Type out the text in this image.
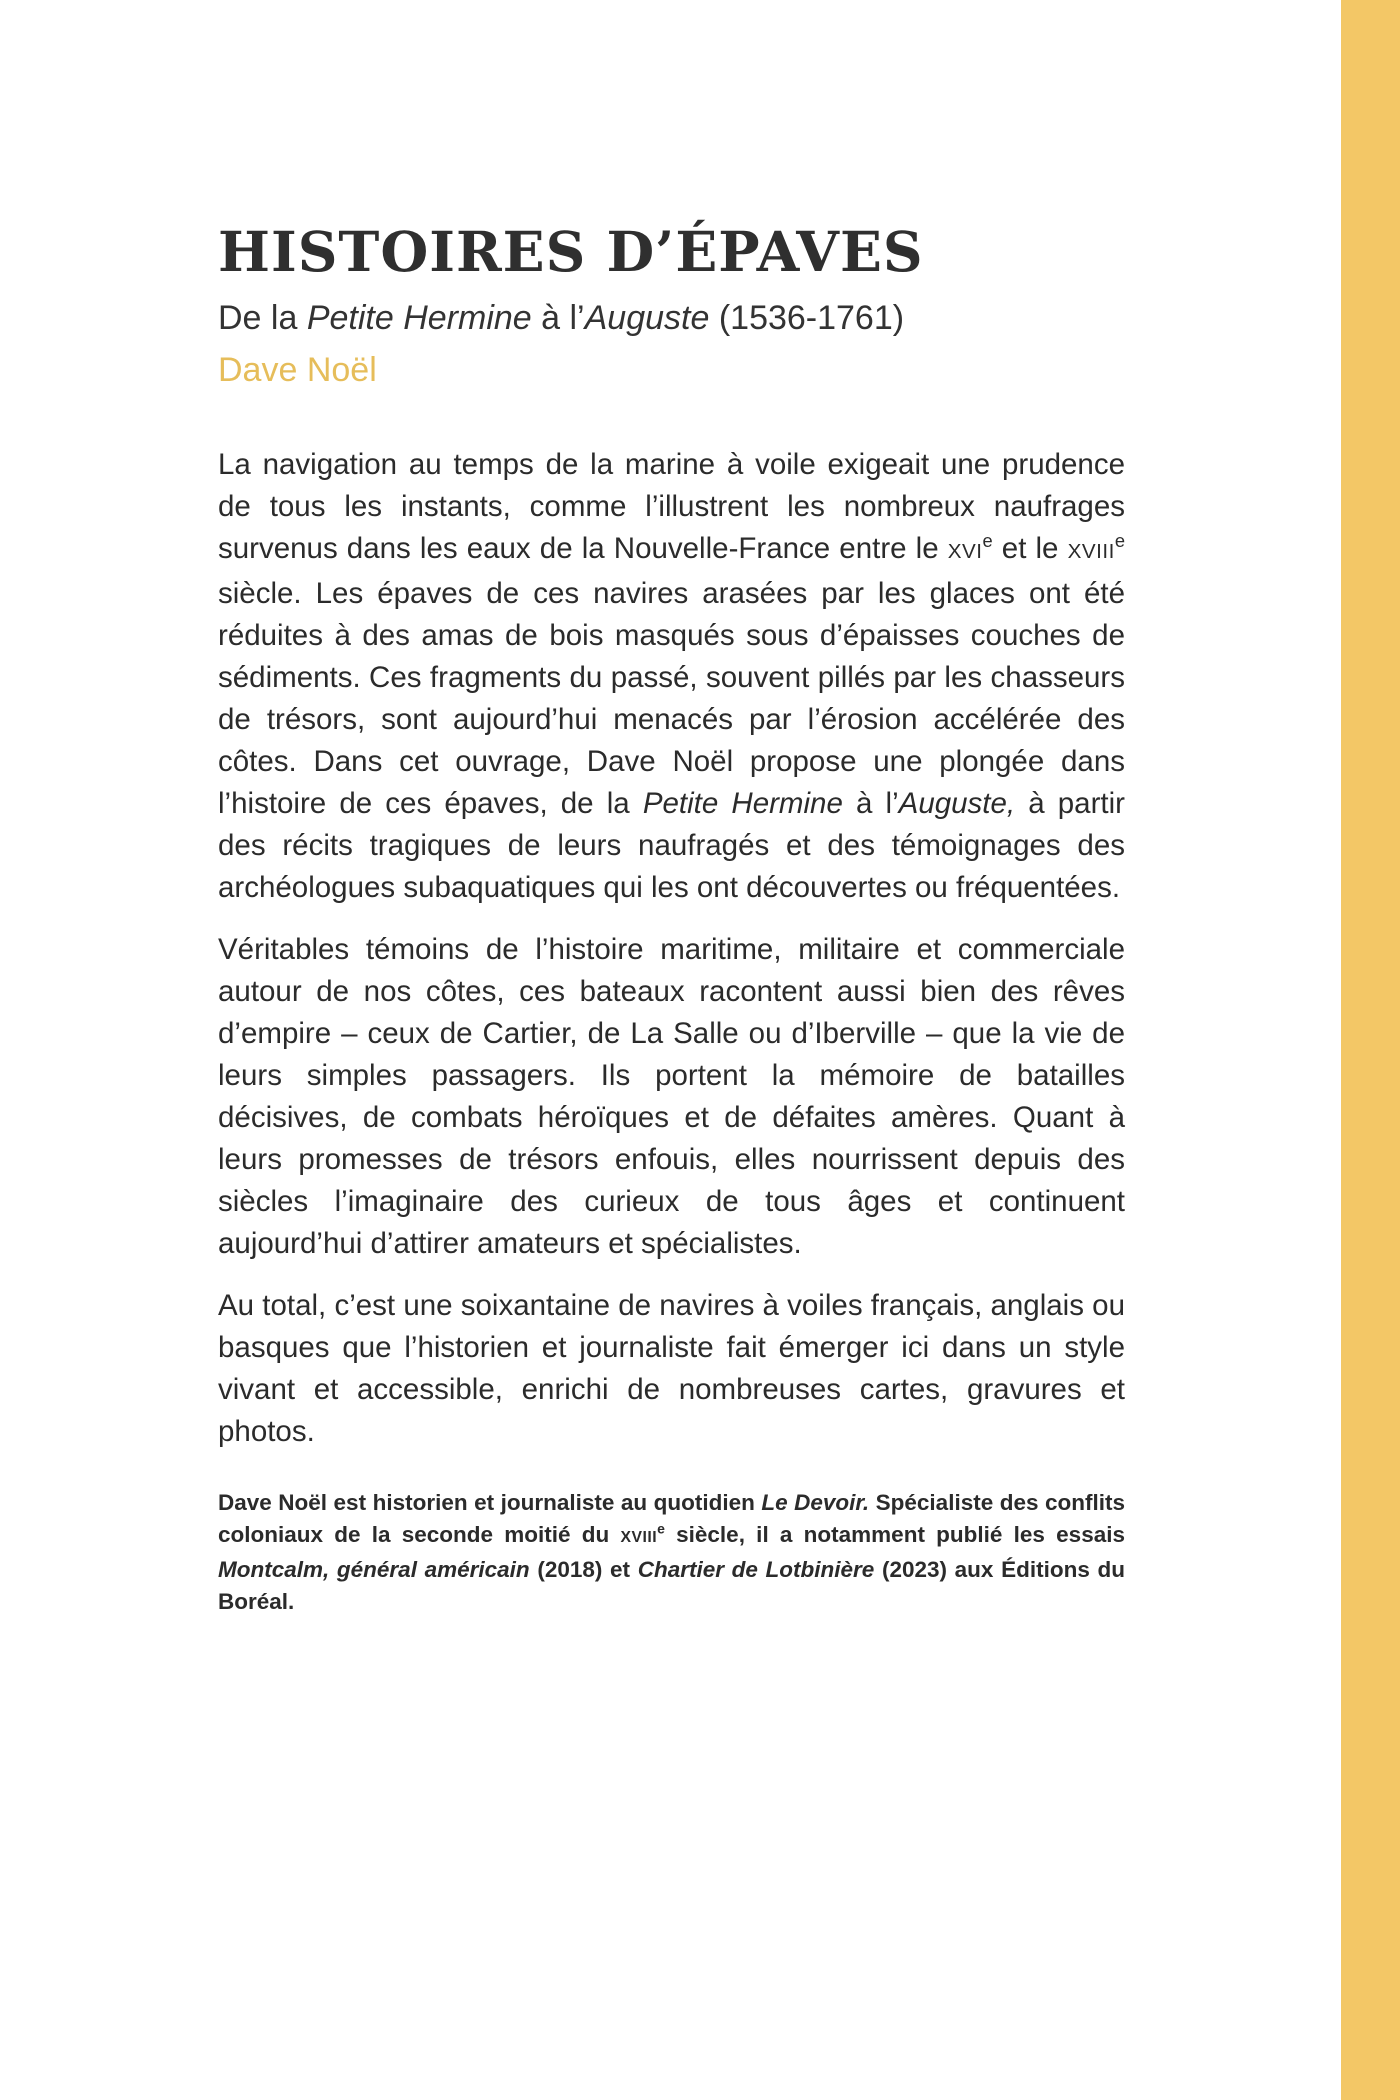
HISTOIRES D’ÉPAVES
De la Petite Hermine à l’Auguste (1536-1761)
Dave Noël

La navigation au temps de la marine à voile exigeait une prudence de tous les instants, comme l’illustrent les nombreux naufrages survenus dans les eaux de la Nouvelle-France entre le XVIe et le XVIIIe siècle. Les épaves de ces navires arasées par les glaces ont été réduites à des amas de bois masqués sous d’épaisses couches de sédiments. Ces fragments du passé, souvent pillés par les chasseurs de trésors, sont aujourd’hui menacés par l’érosion accélérée des côtes. Dans cet ouvrage, Dave Noël propose une plongée dans l’histoire de ces épaves, de la Petite Hermine à l’Auguste, à partir des récits tragiques de leurs naufragés et des témoignages des archéologues subaquatiques qui les ont découvertes ou fréquentées.

Véritables témoins de l’histoire maritime, militaire et commerciale autour de nos côtes, ces bateaux racontent aussi bien des rêves d’empire – ceux de Cartier, de La Salle ou d’Iberville – que la vie de leurs simples passagers. Ils portent la mémoire de batailles décisives, de combats héroïques et de défaites amères. Quant à leurs promesses de trésors enfouis, elles nourrissent depuis des siècles l’imaginaire des curieux de tous âges et continuent aujourd’hui d’attirer amateurs et spécialistes.

Au total, c’est une soixantaine de navires à voiles français, anglais ou basques que l’historien et journaliste fait émerger ici dans un style vivant et accessible, enrichi de nombreuses cartes, gravures et photos.

Dave Noël est historien et journaliste au quotidien Le Devoir. Spécialiste des conflits coloniaux de la seconde moitié du XVIIIe siècle, il a notamment publié les essais Montcalm, général américain (2018) et Chartier de Lotbinière (2023) aux Éditions du Boréal.
